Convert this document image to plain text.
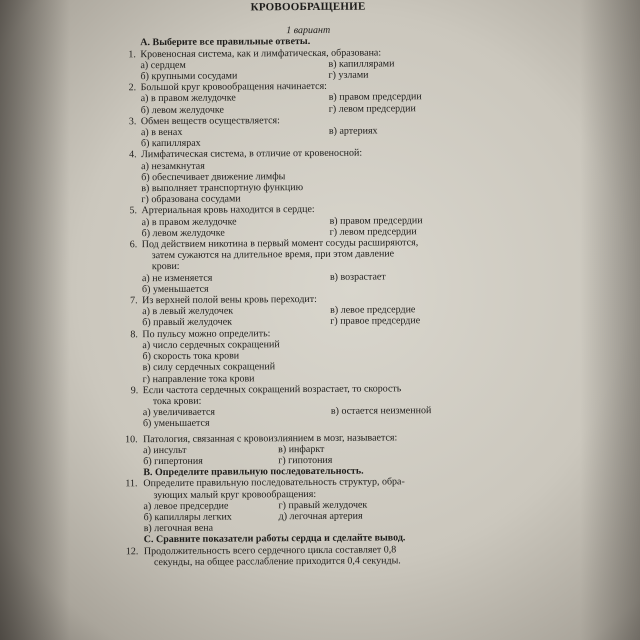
КРОВООБРАЩЕНИЕ
1 вариант
А. Выберите все правильные ответы.
1. Кровеносная система, как и лимфатическая, образована:
а) сердцем	в) капиллярами
б) крупными сосудами	г) узлами
2. Большой круг кровообращения начинается:
а) в правом желудочке	в) правом предсердии
б) левом желудочке	г) левом предсердии
3. Обмен веществ осуществляется:
а) в венах	в) артериях
б) капиллярах
4. Лимфатическая система, в отличие от кровеносной:
а) незамкнутая
б) обеспечивает движение лимфы
в) выполняет транспортную функцию
г) образована сосудами
5. Артериальная кровь находится в сердце:
а) в правом желудочке	в) правом предсердии
б) левом желудочке	г) левом предсердии
6. Под действием никотина в первый момент сосуды расширяются,
затем сужаются на длительное время, при этом давление
крови:
а) не изменяется	в) возрастает
б) уменьшается
7. Из верхней полой вены кровь переходит:
а) в левый желудочек	в) левое предсердие
б) правый желудочек	г) правое предсердие
8. По пульсу можно определить:
а) число сердечных сокращений
б) скорость тока крови
в) силу сердечных сокращений
г) направление тока крови
9. Если частота сердечных сокращений возрастает, то скорость
тока крови:
а) увеличивается	в) остается неизменной
б) уменьшается
10. Патология, связанная с кровоизлиянием в мозг, называется:
а) инсульт	в) инфаркт
б) гипертония	г) гипотония
В. Определите правильную последовательность.
11. Определите правильную последовательность структур, обра-
зующих малый круг кровообращения:
а) левое предсердие	г) правый желудочек
б) капилляры легких	д) легочная артерия
в) легочная вена
С. Сравните показатели работы сердца и сделайте вывод.
12. Продолжительность всего сердечного цикла составляет 0,8
секунды, на общее расслабление приходится 0,4 секунды.
